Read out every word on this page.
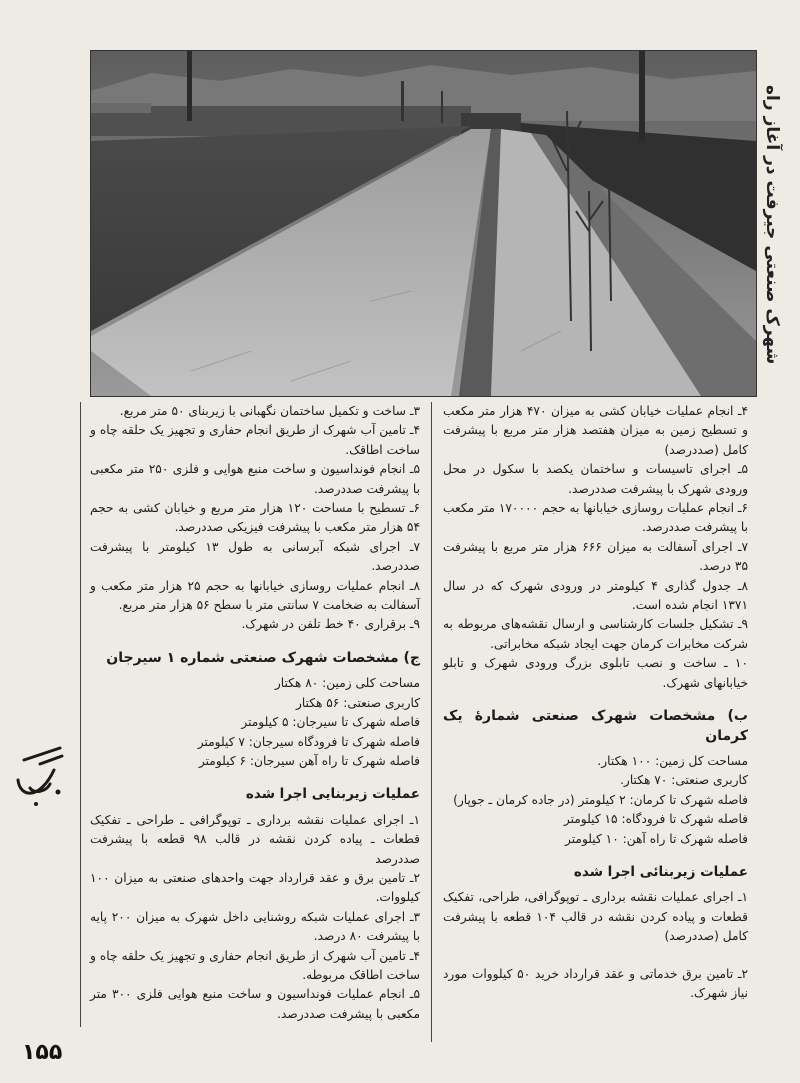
شهرک صنعتی جیرفت در آغاز راه

۴ـ انجام عملیات خیابان کشی به میزان ۴۷۰ هزار متر مکعب و تسطیح زمین به میزان هفتصد هزار متر مربع با پیشرفت کامل (صددرصد)

۵ـ اجرای تاسیسات و ساختمان یکصد با سکول در محل ورودی شهرک با پیشرفت صددرصد.

۶ـ انجام عملیات روسازی خیابانها به حجم ۱۷۰۰۰۰ متر مکعب با پیشرفت صددرصد.

۷ـ اجرای آسفالت به میزان ۶۶۶ هزار متر مربع با پیشرفت ۳۵ درصد.

۸ـ جدول گذاری ۴ کیلومتر در ورودی شهرک که در سال ۱۳۷۱ انجام شده است.

۹ـ تشکیل جلسات کارشناسی و ارسال نقشه‌های مربوطه به شرکت مخابرات کرمان جهت ایجاد شبکه مخابراتی.

۱۰ ـ ساخت و نصب تابلوی بزرگ ورودی شهرک و تابلو خیابانهای شهرک.

ب) مشخصات شهرک صنعتی شمارهٔ یک کرمان

مساحت کل زمین: ۱۰۰ هکتار.

کاربری صنعتی: ۷۰ هکتار.

فاصله شهرک تا کرمان: ۲ کیلومتر (در جاده کرمان ـ جوپار)

فاصله شهرک تا فرودگاه: ۱۵ کیلومتر

فاصله شهرک تا راه آهن: ۱۰ کیلومتر

عملیات زیربنائی اجرا شده

۱ـ اجرای عملیات نقشه برداری ـ توپوگرافی، طراحی، تفکیک قطعات و پیاده کردن نقشه در قالب ۱۰۴ قطعه با پیشرفت کامل (صددرصد)

۲ـ تامین برق خدماتی و عقد قرارداد خرید ۵۰ کیلووات مورد نیاز شهرک.

۳ـ ساخت و تکمیل ساختمان نگهبانی با زیربنای ۵۰ متر مربع.

۴ـ تامین آب شهرک از طریق انجام حفاری و تجهیز یک حلقه چاه و ساخت اطاقک.

۵ـ انجام فونداسیون و ساخت منبع هوایی و فلزی ۲۵۰ متر مکعبی با پیشرفت صددرصد.

۶ـ تسطیح با مساحت ۱۲۰ هزار متر مربع و خیابان کشی به حجم ۵۴ هزار متر مکعب با پیشرفت فیزیکی صددرصد.

۷ـ اجرای شبکه آبرسانی به طول ۱۳ کیلومتر با پیشرفت صددرصد.

۸ـ انجام عملیات روسازی خیابانها به حجم ۲۵ هزار متر مکعب و آسفالت به ضخامت ۷ سانتی متر با سطح ۵۶ هزار متر مربع.

۹ـ برقراری ۴۰ خط تلفن در شهرک.

ج) مشخصات شهرک صنعتی شماره ۱ سیرجان

مساحت کلی زمین: ۸۰ هکتار

کاربری صنعتی: ۵۶ هکتار

فاصله شهرک تا سیرجان: ۵ کیلومتر

فاصله شهرک تا فرودگاه سیرجان: ۷ کیلومتر

فاصله شهرک تا راه آهن سیرجان: ۶ کیلومتر

عملیات زیربنایی اجرا شده

۱ـ اجرای عملیات نقشه برداری ـ توپوگرافی ـ طراحی ـ تفکیک قطعات ـ پیاده کردن نقشه در قالب ۹۸ قطعه با پیشرفت صددرصد

۲ـ تامین برق و عقد قرارداد جهت واحدهای صنعتی به میزان ۱۰۰ کیلووات.

۳ـ اجرای عملیات شبکه روشنایی داخل شهرک به میزان ۲۰۰ پایه با پیشرفت ۸۰ درصد.

۴ـ تامین آب شهرک از طریق انجام حفاری و تجهیز یک حلقه چاه و ساخت اطاقک مربوطه.

۵ـ انجام عملیات فونداسیون و ساخت منبع هوایی فلزی ۳۰۰ متر مکعبی با پیشرفت صددرصد.

۱۵۵
